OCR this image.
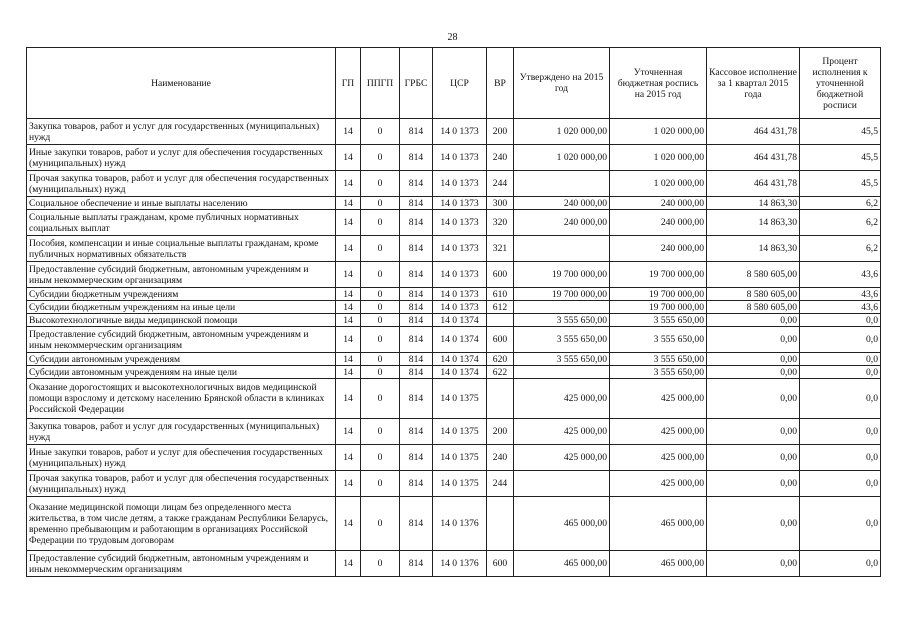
28
Наименование	ГП	ППГП	ГРБС	ЦСР	ВР	Утверждено на 2015 год	Уточненная бюджетная роспись на 2015 год	Кассовое исполнение за 1 квартал 2015 года	Процент исполнения к уточненной бюджетной росписи
Закупка товаров, работ и услуг для государственных (муниципальных) нужд	14	0	814	14 0 1373	200	1 020 000,00	1 020 000,00	464 431,78	45,5
Иные закупки товаров, работ и услуг для обеспечения государственных (муниципальных) нужд	14	0	814	14 0 1373	240	1 020 000,00	1 020 000,00	464 431,78	45,5
Прочая закупка товаров, работ и услуг для обеспечения государственных (муниципальных) нужд	14	0	814	14 0 1373	244		1 020 000,00	464 431,78	45,5
Социальное обеспечение и иные выплаты населению	14	0	814	14 0 1373	300	240 000,00	240 000,00	14 863,30	6,2
Социальные выплаты гражданам, кроме публичных нормативных социальных выплат	14	0	814	14 0 1373	320	240 000,00	240 000,00	14 863,30	6,2
Пособия, компенсации и иные социальные выплаты гражданам, кроме публичных нормативных обязательств	14	0	814	14 0 1373	321		240 000,00	14 863,30	6,2
Предоставление субсидий бюджетным, автономным учреждениям и иным некоммерческим организациям	14	0	814	14 0 1373	600	19 700 000,00	19 700 000,00	8 580 605,00	43,6
Субсидии бюджетным учреждениям	14	0	814	14 0 1373	610	19 700 000,00	19 700 000,00	8 580 605,00	43,6
Субсидии бюджетным учреждениям на иные цели	14	0	814	14 0 1373	612		19 700 000,00	8 580 605,00	43,6
Высокотехнологичные виды медицинской помощи	14	0	814	14 0 1374		3 555 650,00	3 555 650,00	0,00	0,0
Предоставление субсидий бюджетным, автономным учреждениям и иным некоммерческим организациям	14	0	814	14 0 1374	600	3 555 650,00	3 555 650,00	0,00	0,0
Субсидии автономным учреждениям	14	0	814	14 0 1374	620	3 555 650,00	3 555 650,00	0,00	0,0
Субсидии автономным учреждениям на иные цели	14	0	814	14 0 1374	622		3 555 650,00	0,00	0,0
Оказание дорогостоящих и высокотехнологичных видов медицинской помощи взрослому и детскому населению Брянской области в клиниках Российской Федерации	14	0	814	14 0 1375		425 000,00	425 000,00	0,00	0,0
Закупка товаров, работ и услуг для государственных (муниципальных) нужд	14	0	814	14 0 1375	200	425 000,00	425 000,00	0,00	0,0
Иные закупки товаров, работ и услуг для обеспечения государственных (муниципальных) нужд	14	0	814	14 0 1375	240	425 000,00	425 000,00	0,00	0,0
Прочая закупка товаров, работ и услуг для обеспечения государственных (муниципальных) нужд	14	0	814	14 0 1375	244		425 000,00	0,00	0,0
Оказание медицинской помощи лицам без определенного места жительства, в том числе детям, а также гражданам Республики Беларусь, временно пребывающим и работающим в организациях Российской Федерации по трудовым договорам	14	0	814	14 0 1376		465 000,00	465 000,00	0,00	0,0
Предоставление субсидий бюджетным, автономным учреждениям и иным некоммерческим организациям	14	0	814	14 0 1376	600	465 000,00	465 000,00	0,00	0,0
